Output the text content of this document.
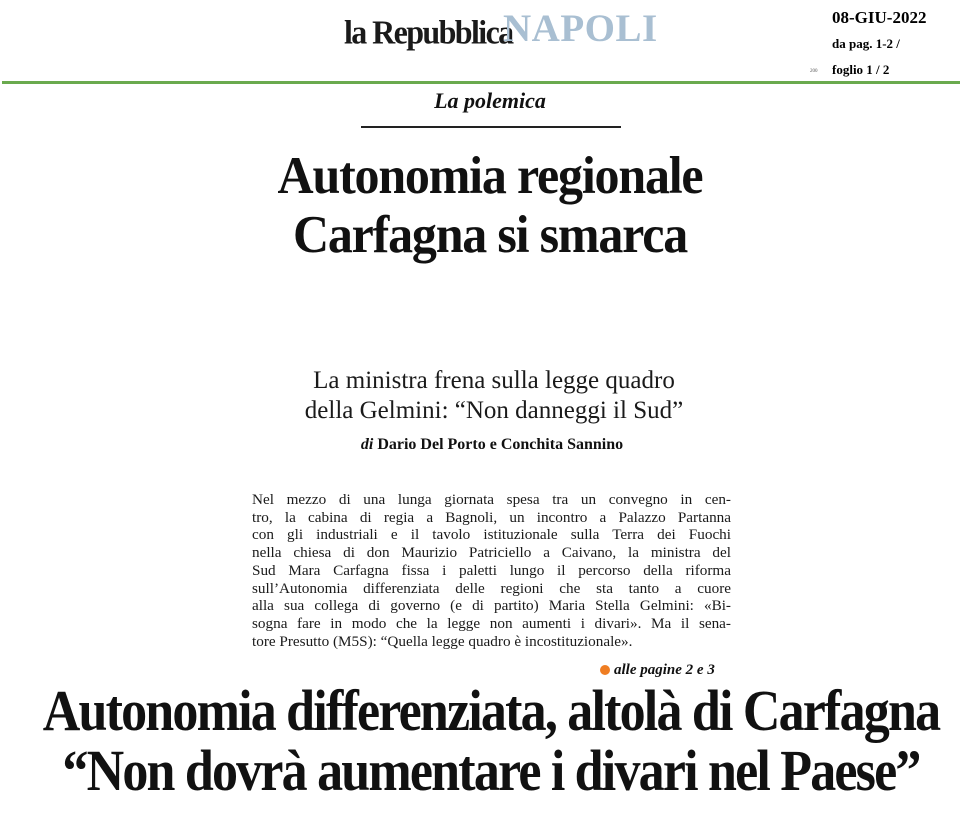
la Repubblica
NAPOLI	08-GIU-2022
da pag. 1-2 /
200 foglio 1 / 2
La polemica
Autonomia regionale
Carfagna si smarca
La ministra frena sulla legge quadro
della Gelmini: “Non danneggi il Sud”
di Dario Del Porto e Conchita Sannino
Nel mezzo di una lunga giornata spesa tra un convegno in cen-
tro, la cabina di regia a Bagnoli, un incontro a Palazzo Partanna
con gli industriali e il tavolo istituzionale sulla Terra dei Fuochi
nella chiesa di don Maurizio Patriciello a Caivano, la ministra del
Sud Mara Carfagna fissa i paletti lungo il percorso della riforma
sull’Autonomia differenziata delle regioni che sta tanto a cuore
alla sua collega di governo (e di partito) Maria Stella Gelmini: «Bi-
sogna fare in modo che la legge non aumenti i divari». Ma il sena-
tore Presutto (M5S): “Quella legge quadro è incostituzionale».
alle pagine 2 e 3
Autonomia differenziata, altolà di Carfagna
“Non dovrà aumentare i divari nel Paese”
